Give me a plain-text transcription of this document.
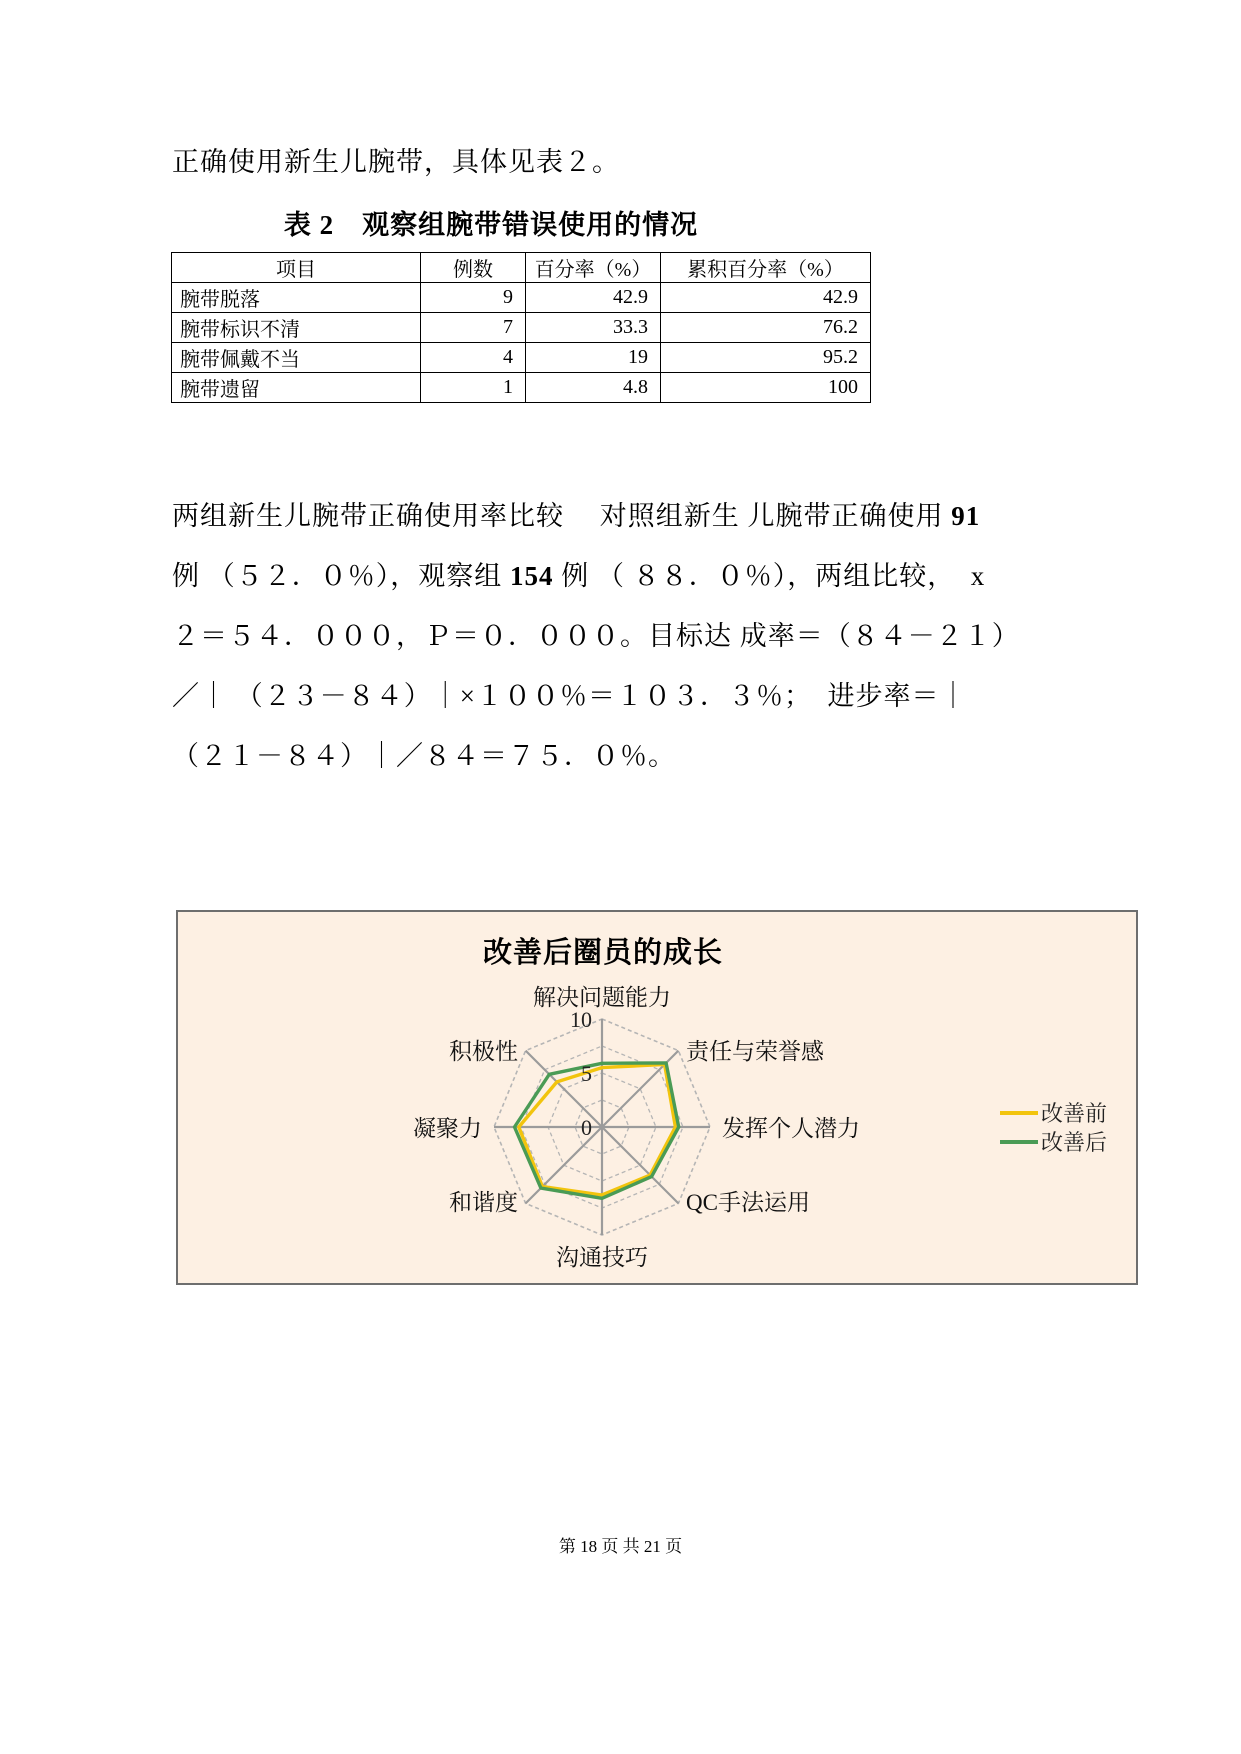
正确使用新生儿腕带，具体见表２。
表 2　观察组腕带错误使用的情况
项目	例数	百分率（%）	累积百分率（%）
腕带脱落	9	42.9	42.9
腕带标识不清	7	33.3	76.2
腕带佩戴不当	4	19	95.2
腕带遗留	1	4.8	100
两组新生儿腕带正确使用率比较　 对照组新生 儿腕带正确使用 91
例 （５２．０％），观察组 154 例 （ ８８．０％），两组比较，  x
２＝５４．０００，Ｐ＝０．０００。目标达 成率＝（８４－２１）
／｜ （２３－８４）｜×１００％＝１０３．３％；  进步率＝｜
（２１－８４）｜／８４＝７５．０％。
改善后圈员的成长
0
5
10
解决问题能力
责任与荣誉感
发挥个人潜力
QC手法运用
沟通技巧
和谐度
凝聚力
积极性
改善前
改善后
第 18 页 共 21 页
